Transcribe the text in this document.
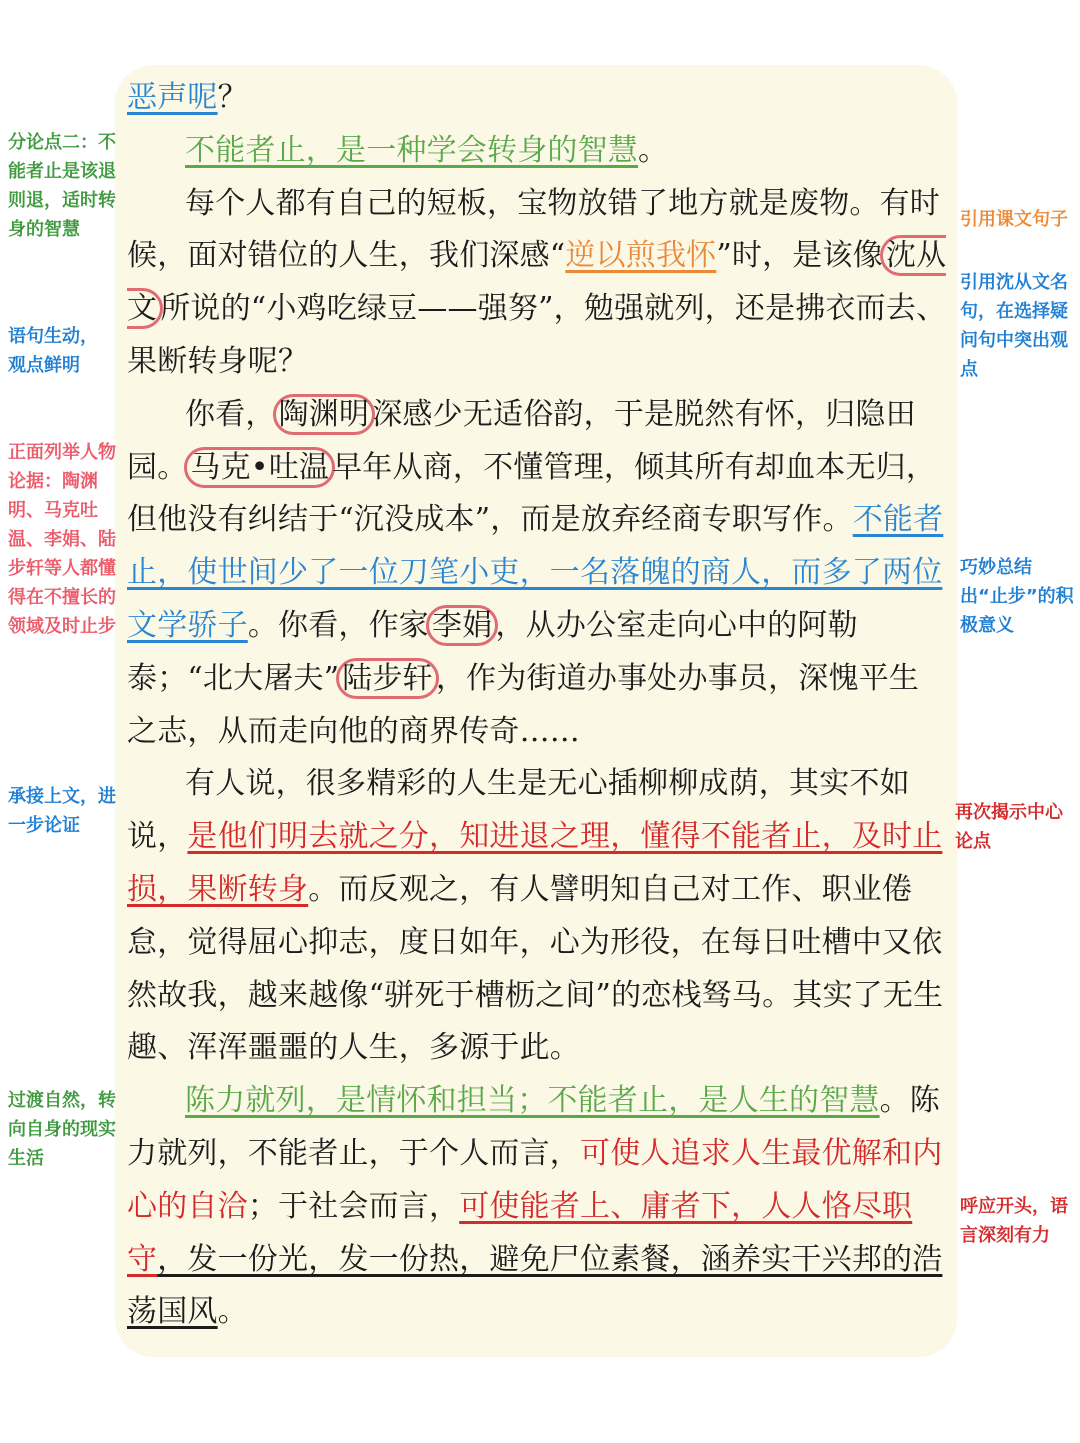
恶声呢？

不能者止，是一种学会转身的智慧。

每个人都有自己的短板，宝物放错了地方就是废物。有时候，面对错位的人生，我们深感“逆以煎我怀”时，是该像 沈从文 所说的“小鸡吃绿豆——强努”，勉强就列，还是拂衣而去、果断转身呢？

你看， 陶渊明 深感少无适俗韵，于是脱然有怀，归隐田园。 马克•吐温 早年从商，不懂管理，倾其所有却血本无归，但他没有纠结于“沉没成本”，而是放弃经商专职写作。不能者止，使世间少了一位刀笔小吏，一名落魄的商人，而多了两位文学骄子。你看，作家 李娟 ，从办公室走向心中的阿勒泰；“北大屠夫” 陆步轩 ，作为街道办事处办事员，深愧平生之志，从而走向他的商界传奇……

有人说，很多精彩的人生是无心插柳柳成荫，其实不如说，是他们明去就之分，知进退之理，懂得不能者止，及时止损，果断转身。而反观之，有人譬明知自己对工作、职业倦怠，觉得屈心抑志，度日如年，心为形役，在每日吐槽中又依然故我，越来越像“骈死于槽枥之间”的恋栈驽马。其实了无生趣、浑浑噩噩的人生，多源于此。

陈力就列，是情怀和担当；不能者止，是人生的智慧。陈力就列，不能者止，于个人而言，可使人追求人生最优解和内心的自洽；于社会而言，可使能者上、庸者下，人人恪尽职守，发一份光，发一份热，避免尸位素餐，涵养实干兴邦的浩荡国风。

分论点二：不能者止是该退则退，适时转身的智慧
语句生动，观点鲜明
正面列举人物论据：陶渊明、马克吐温、李娟、陆步轩等人都懂得在不擅长的领域及时止步
承接上文，进一步论证
过渡自然，转向自身的现实生活
引用课文句子
引用沈从文名句，在选择疑问句中突出观点
巧妙总结出“止步”的积极意义
再次揭示中心论点
呼应开头，语言深刻有力
